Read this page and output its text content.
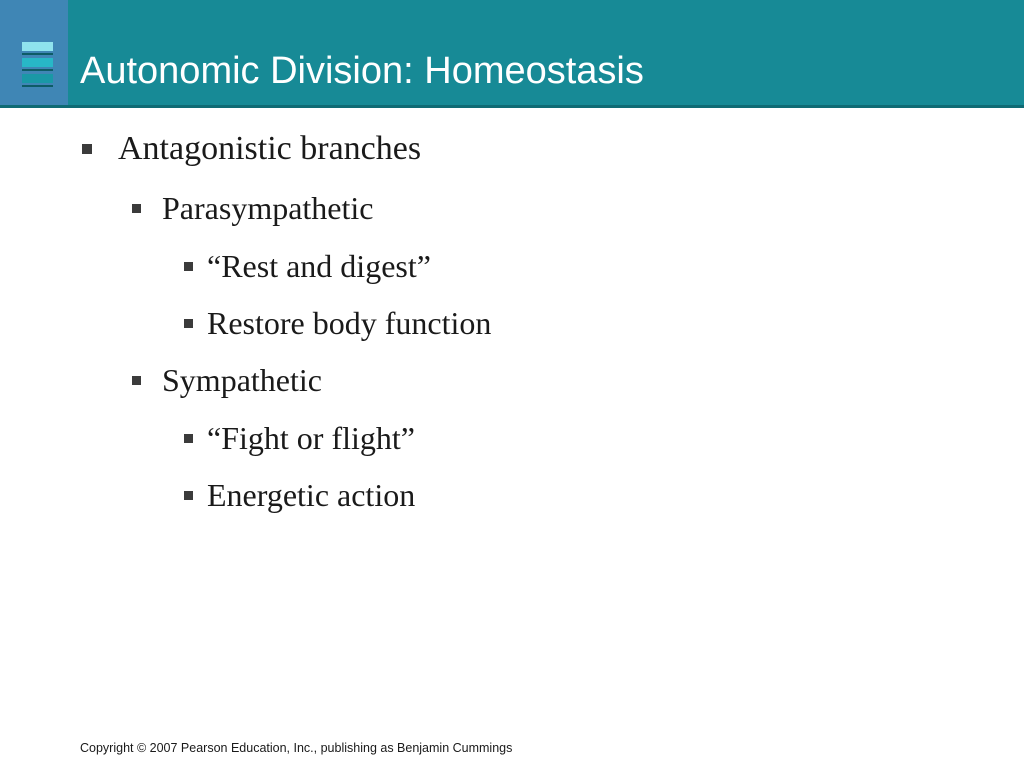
Autonomic Division: Homeostasis
Antagonistic branches
Parasympathetic
“Rest and digest”
Restore body function
Sympathetic
“Fight or flight”
Energetic action
Copyright © 2007 Pearson Education, Inc., publishing as Benjamin Cummings
